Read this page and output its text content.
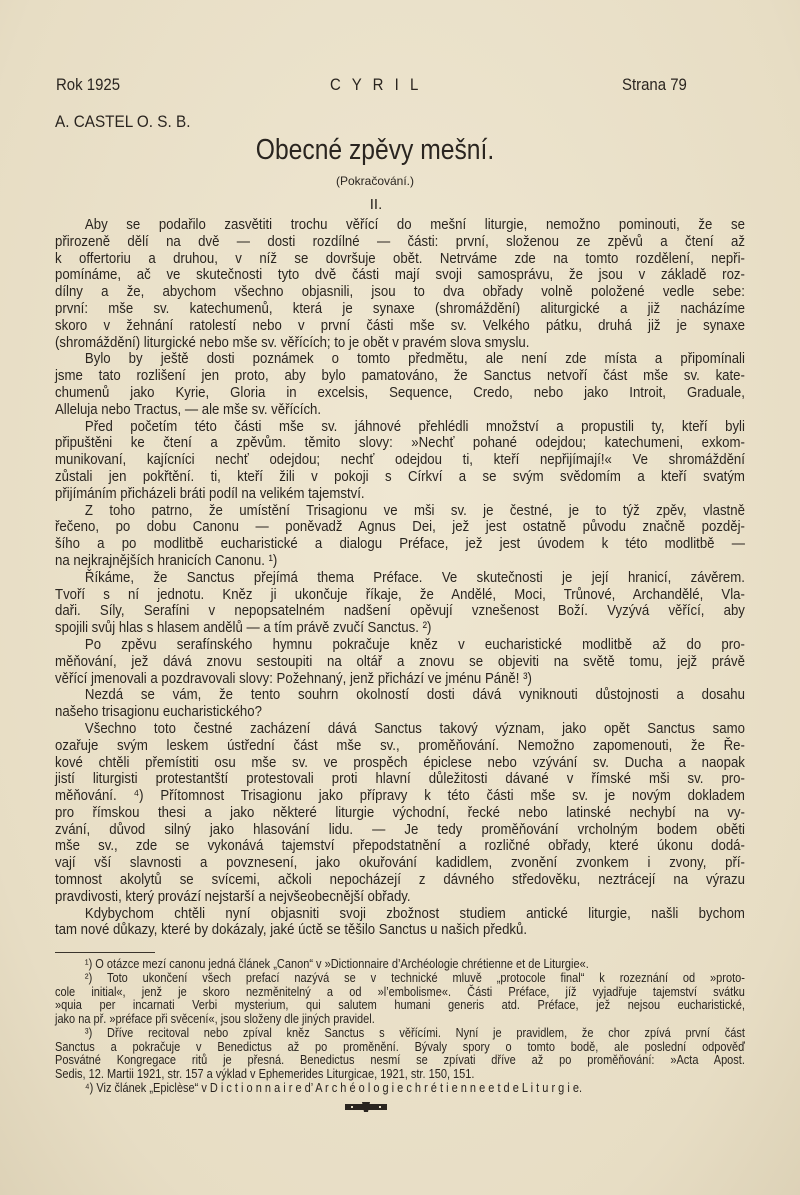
Rok 1925	C Y R I L	Strana 79
A. CASTEL O. S. B.
Obecné zpěvy mešní.
(Pokračování.)
II.
Aby se podařilo zasvětiti trochu věřící do mešní liturgie, nemožno pominouti, že se
přirozeně dělí na dvě — dosti rozdílné — části: první, složenou ze zpěvů a čtení až
k offertoriu a druhou, v níž se dovršuje obět. Netrváme zde na tomto rozdělení, nepři-
pomínáme, ač ve skutečnosti tyto dvě části mají svoji samosprávu, že jsou v základě roz-
dílny a že, abychom všechno objasnili, jsou to dva obřady volně položené vedle sebe:
první: mše sv. katechumenů, která je synaxe (shromáždění) aliturgické a již nacházíme
skoro v žehnání ratolestí nebo v první části mše sv. Velkého pátku, druhá již je synaxe
(shromáždění) liturgické nebo mše sv. věřících; to je obět v pravém slova smyslu.
Bylo by ještě dosti poznámek o tomto předmětu, ale není zde místa a připomínali
jsme tato rozlišení jen proto, aby bylo pamatováno, že Sanctus netvoří část mše sv. kate-
chumenů jako Kyrie, Gloria in excelsis, Sequence, Credo, nebo jako Introit, Graduale,
Alleluja nebo Tractus, — ale mše sv. věřících.
Před početím této části mše sv. jáhnové přehlédli množství a propustili ty, kteří byli
připuštěni ke čtení a zpěvům. těmito slovy: »Nechť pohané odejdou; katechumeni, exkom-
munikovaní, kajícníci nechť odejdou; nechť odejdou ti, kteří nepřijímají!« Ve shromáždění
zůstali jen pokřtění. ti, kteří žili v pokoji s Církví a se svým svědomím a kteří svatým
přijímáním přicházeli bráti podíl na velikém tajemství.
Z toho patrno, že umístění Trisagionu ve mši sv. je čestné, je to týž zpěv, vlastně
řečeno, po dobu Canonu — poněvadž Agnus Dei, jež jest ostatně původu značně pozděj-
šího a po modlitbě eucharistické a dialogu Préface, jež jest úvodem k této modlitbě —
na nejkrajnějších hranicích Canonu. ¹)
Říkáme, že Sanctus přejímá thema Préface. Ve skutečnosti je její hranicí, závěrem.
Tvoří s ní jednotu. Kněz ji ukončuje říkaje, že Andělé, Moci, Trůnové, Archandělé, Vla-
daři. Síly, Serafíni v nepopsatelném nadšení opěvují vznešenost Boží. Vyzývá věřící, aby
spojili svůj hlas s hlasem andělů — a tím právě zvučí Sanctus. ²)
Po zpěvu serafínského hymnu pokračuje kněz v eucharistické modlitbě až do pro-
měňování, jež dává znovu sestoupiti na oltář a znovu se objeviti na světě tomu, jejž právě
věřící jmenovali a pozdravovali slovy: Požehnaný, jenž přichází ve jménu Páně! ³)
Nezdá se vám, že tento souhrn okolností dosti dává vyniknouti důstojnosti a dosahu
našeho trisagionu eucharistického?
Všechno toto čestné zacházení dává Sanctus takový význam, jako opět Sanctus samo
ozařuje svým leskem ústřední část mše sv., proměňování. Nemožno zapomenouti, že Ře-
kové chtěli přemístiti osu mše sv. ve prospěch épiclese nebo vzývání sv. Ducha a naopak
jistí liturgisti protestantští protestovali proti hlavní důležitosti dávané v římské mši sv. pro-
měňování. ⁴) Přítomnost Trisagionu jako přípravy k této části mše sv. je novým dokladem
pro římskou thesi a jako některé liturgie východní, řecké nebo latinské nechybí na vy-
zvání, důvod silný jako hlasování lidu. — Je tedy proměňování vrcholným bodem oběti
mše sv., zde se vykonává tajemství přepodstatnění a rozličné obřady, které úkonu dodá-
vají vší slavnosti a povznesení, jako okuřování kadidlem, zvonění zvonkem i zvony, pří-
tomnost akolytů se svícemi, ačkoli nepocházejí z dávného středověku, neztrácejí na výrazu
pravdivosti, který provází nejstarší a nejvšeobecnější obřady.
Kdybychom chtěli nyní objasniti svoji zbožnost studiem antické liturgie, našli bychom
tam nové důkazy, které by dokázaly, jaké úctě se těšilo Sanctus u našich předků.
¹) O otázce mezí canonu jedná článek „Canon“ v »Dictionnaire d’Archéologie chrétienne et de Liturgie«.
²) Toto ukončení všech prefací nazývá se v technické mluvě „protocole final“ k rozeznání od »proto-
cole initial«, jenž je skoro nezměnitelný a od »l’embolisme«. Části Préface, jíž vyjadřuje tajemství svátku
»quia per incarnati Verbi mysterium, qui salutem humani generis atd. Préface, jež nejsou eucharistické,
jako na př. »préface při svěcení«, jsou složeny dle jiných pravidel.
³) Dříve recitoval nebo zpíval kněz Sanctus s věřícími. Nyní je pravidlem, že chor zpívá první část
Sanctus a pokračuje v Benedictus až po proměnění. Bývaly spory o tomto bodě, ale poslední odpověď
Posvátné Kongregace ritů je přesná. Benedictus nesmí se zpívati dříve až po proměňování: »Acta Apost.
Sedis, 12. Martii 1921, str. 157 a výklad v Ephemerides Liturgicae, 1921, str. 150, 151.
⁴) Viz článek „Epiclèse“ v D i c t i o n n a i r e d’ A r c h é o l o g i e c h r é t i e n n e e t d e L i t u r g i e.
